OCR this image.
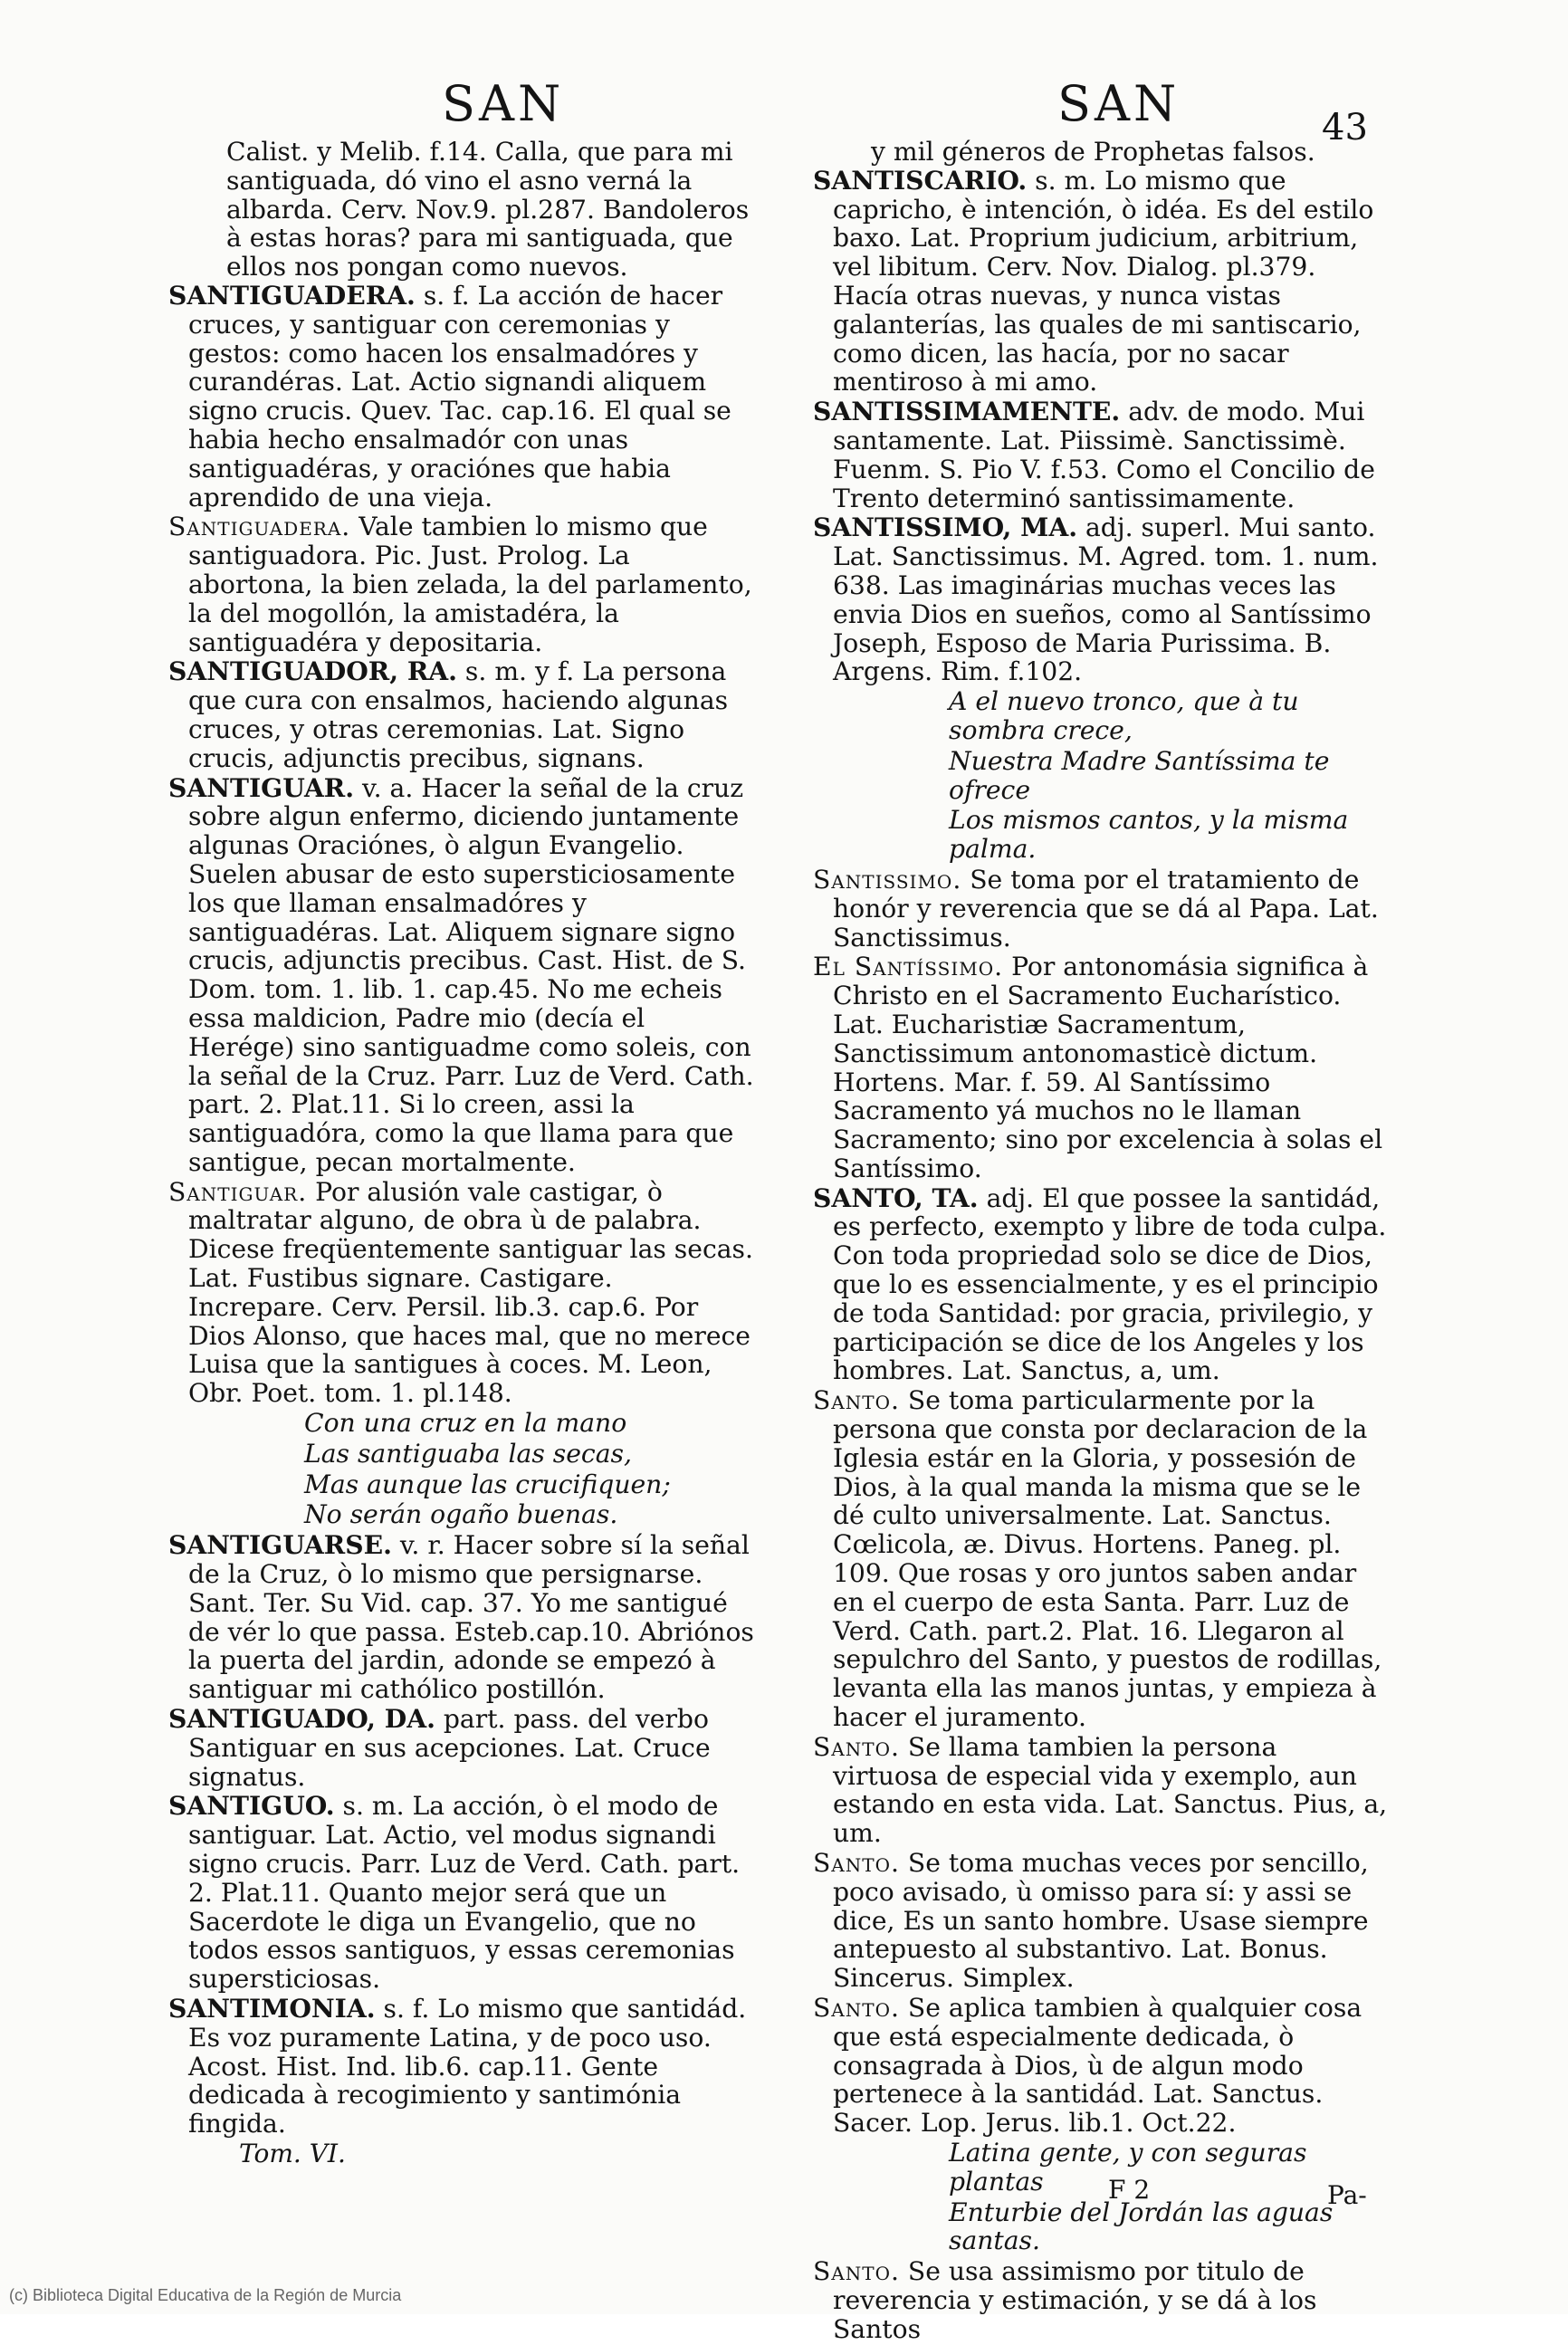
SAN	SAN	43

Calist. y Melib. f.14. Calla, que para mi santiguada, dó vino el asno verná la albarda. Cerv. Nov.9. pl.287. Bandoleros à estas horas? para mi santiguada, que ellos nos pongan como nuevos.

SANTIGUADERA. s. f. La acción de hacer cruces, y santiguar con ceremonias y gestos: como hacen los ensalmadóres y curandéras. Lat. Actio signandi aliquem signo crucis. Quev. Tac. cap.16. El qual se habia hecho ensalmadór con unas santiguadéras, y oraciónes que habia aprendido de una vieja.

Santiguadera. Vale tambien lo mismo que santiguadora. Pic. Just. Prolog. La abortona, la bien zelada, la del parlamento, la del mogollón, la amistadéra, la santiguadéra y depositaria.

SANTIGUADOR, RA. s. m. y f. La persona que cura con ensalmos, haciendo algunas cruces, y otras ceremonias. Lat. Signo crucis, adjunctis precibus, signans.

SANTIGUAR. v. a. Hacer la señal de la cruz sobre algun enfermo, diciendo juntamente algunas Oraciónes, ò algun Evangelio. Suelen abusar de esto supersticiosamente los que llaman ensalmadóres y santiguadéras. Lat. Aliquem signare signo crucis, adjunctis precibus. Cast. Hist. de S. Dom. tom. 1. lib. 1. cap.45. No me echeis essa maldicion, Padre mio (decía el Herége) sino santiguadme como soleis, con la señal de la Cruz. Parr. Luz de Verd. Cath. part. 2. Plat.11. Si lo creen, assi la santiguadóra, como la que llama para que santigue, pecan mortalmente.

Santiguar. Por alusión vale castigar, ò maltratar alguno, de obra ù de palabra. Dicese freqüentemente santiguar las secas. Lat. Fustibus signare. Castigare. Increpare. Cerv. Persil. lib.3. cap.6. Por Dios Alonso, que haces mal, que no merece Luisa que la santigues à coces. M. Leon, Obr. Poet. tom. 1. pl.148.

Con una cruz en la mano

Las santiguaba las secas,

Mas aunque las crucifiquen;

No serán ogaño buenas.

SANTIGUARSE. v. r. Hacer sobre sí la señal de la Cruz, ò lo mismo que persignarse. Sant. Ter. Su Vid. cap. 37. Yo me santigué de vér lo que passa. Esteb.cap.10. Abriónos la puerta del jardin, adonde se empezó à santiguar mi cathólico postillón.

SANTIGUADO, DA. part. pass. del verbo Santiguar en sus acepciones. Lat. Cruce signatus.

SANTIGUO. s. m. La acción, ò el modo de santiguar. Lat. Actio, vel modus signandi signo crucis. Parr. Luz de Verd. Cath. part. 2. Plat.11. Quanto mejor será que un Sacerdote le diga un Evangelio, que no todos essos santiguos, y essas ceremonias supersticiosas.

SANTIMONIA. s. f. Lo mismo que santidád. Es voz puramente Latina, y de poco uso. Acost. Hist. Ind. lib.6. cap.11. Gente dedicada à recogimiento y santimónia fingida.

y mil géneros de Prophetas falsos.

SANTISCARIO. s. m. Lo mismo que capricho, è intención, ò idéa. Es del estilo baxo. Lat. Proprium judicium, arbitrium, vel libitum. Cerv. Nov. Dialog. pl.379. Hacía otras nuevas, y nunca vistas galanterías, las quales de mi santiscario, como dicen, las hacía, por no sacar mentiroso à mi amo.

SANTISSIMAMENTE. adv. de modo. Mui santamente. Lat. Piissimè. Sanctissimè. Fuenm. S. Pio V. f.53. Como el Concilio de Trento determinó santissimamente.

SANTISSIMO, MA. adj. superl. Mui santo. Lat. Sanctissimus. M. Agred. tom. 1. num. 638. Las imaginárias muchas veces las envia Dios en sueños, como al Santíssimo Joseph, Esposo de Maria Purissima. B. Argens. Rim. f.102.

A el nuevo tronco, que à tu sombra crece,

Nuestra Madre Santíssima te ofrece

Los mismos cantos, y la misma palma.

Santissimo. Se toma por el tratamiento de honór y reverencia que se dá al Papa. Lat. Sanctissimus.

El Santíssimo. Por antonomásia significa à Christo en el Sacramento Eucharístico. Lat. Eucharistiæ Sacramentum, Sanctissimum antonomasticè dictum. Hortens. Mar. f. 59. Al Santíssimo Sacramento yá muchos no le llaman Sacramento; sino por excelencia à solas el Santíssimo.

SANTO, TA. adj. El que possee la santidád, es perfecto, exempto y libre de toda culpa. Con toda propriedad solo se dice de Dios, que lo es essencialmente, y es el principio de toda Santidad: por gracia, privilegio, y participación se dice de los Angeles y los hombres. Lat. Sanctus, a, um.

Santo. Se toma particularmente por la persona que consta por declaracion de la Iglesia estár en la Gloria, y possesión de Dios, à la qual manda la misma que se le dé culto universalmente. Lat. Sanctus. Cœlicola, æ. Divus. Hortens. Paneg. pl. 109. Que rosas y oro juntos saben andar en el cuerpo de esta Santa. Parr. Luz de Verd. Cath. part.2. Plat. 16. Llegaron al sepulchro del Santo, y puestos de rodillas, levanta ella las manos juntas, y empieza à hacer el juramento.

Santo. Se llama tambien la persona virtuosa de especial vida y exemplo, aun estando en esta vida. Lat. Sanctus. Pius, a, um.

Santo. Se toma muchas veces por sencillo, poco avisado, ù omisso para sí: y assi se dice, Es un santo hombre. Usase siempre antepuesto al substantivo. Lat. Bonus. Sincerus. Simplex.

Santo. Se aplica tambien à qualquier cosa que está especialmente dedicada, ò consagrada à Dios, ù de algun modo pertenece à la santidád. Lat. Sanctus. Sacer. Lop. Jerus. lib.1. Oct.22.

Latina gente, y con seguras plantas

Enturbie del Jordán las aguas santas.

Santo. Se usa assimismo por titulo de reverencia y estimación, y se dá à los Santos

Tom. VI.
F 2	Pa-
(c) Biblioteca Digital Educativa de la Región de Murcia
